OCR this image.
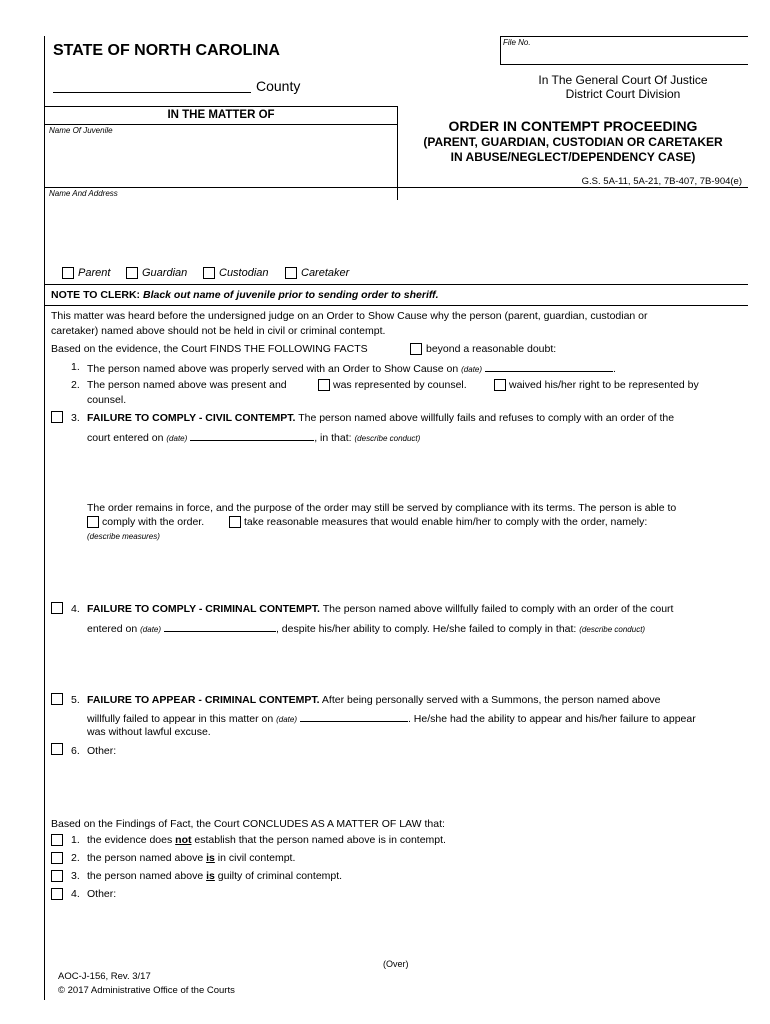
STATE OF NORTH CAROLINA
County
File No.
In The General Court Of Justice
District Court Division
IN THE MATTER OF
Name Of Juvenile	ORDER IN CONTEMPT PROCEEDING
(PARENT, GUARDIAN, CUSTODIAN OR CARETAKER
IN ABUSE/NEGLECT/DEPENDENCY CASE)
G.S. 5A-11, 5A-21, 7B-407, 7B-904(e)
Name And Address
Parent	Guardian	Custodian	Caretaker
NOTE TO CLERK: Black out name of juvenile prior to sending order to sheriff.
This matter was heard before the undersigned judge on an Order to Show Cause why the person (parent, guardian, custodian or
caretaker) named above should not be held in civil or criminal contempt.
Based on the evidence, the Court FINDS THE FOLLOWING FACTS	beyond a reasonable doubt:
1. The person named above was properly served with an Order to Show Cause on (date)	.
2. The person named above was present and	was represented by counsel.	waived his/her right to be represented by
counsel.
3. FAILURE TO COMPLY - CIVIL CONTEMPT. The person named above willfully fails and refuses to comply with an order of the
court entered on (date)	, in that: (describe conduct)
The order remains in force, and the purpose of the order may still be served by compliance with its terms. The person is able to
comply with the order.	take reasonable measures that would enable him/her to comply with the order, namely:
(describe measures)
4. FAILURE TO COMPLY - CRIMINAL CONTEMPT. The person named above willfully failed to comply with an order of the court
entered on (date)	, despite his/her ability to comply. He/she failed to comply in that: (describe conduct)
5. FAILURE TO APPEAR - CRIMINAL CONTEMPT. After being personally served with a Summons, the person named above
willfully failed to appear in this matter on (date)	. He/she had the ability to appear and his/her failure to appear
was without lawful excuse.
6. Other:
Based on the Findings of Fact, the Court CONCLUDES AS A MATTER OF LAW that:
1. the evidence does not establish that the person named above is in contempt.
2. the person named above is in civil contempt.
3. the person named above is guilty of criminal contempt.
4. Other:
(Over)
AOC-J-156, Rev. 3/17
© 2017 Administrative Office of the Courts
